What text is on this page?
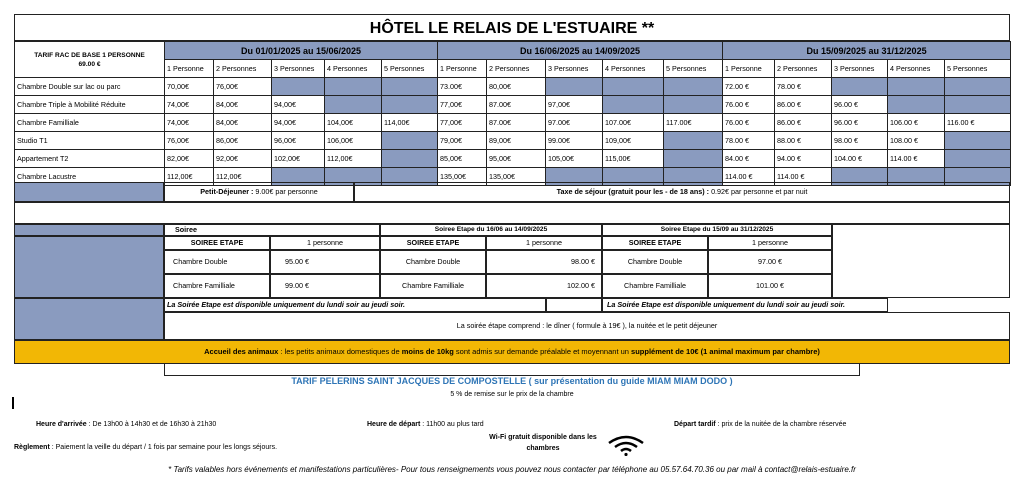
HÔTEL LE RELAIS DE L'ESTUAIRE **
TARIF RAC DE BASE 1 PERSONNE
69.00 €	Du 01/01/2025 au 15/06/2025					Du 16/06/2025 au 14/09/2025					Du 15/09/2025 au 31/12/2025				
	1 Personne	2 Personnes	3 Personnes	4 Personnes	5 Personnes	1 Personne	2 Personnes	3 Personnes	4 Personnes	5 Personnes	1 Personne	2 Personnes	3 Personnes	4 Personnes	5 Personnes
Chambre Double sur lac ou parc	70,00€	76,00€				73.00€	80,00€				72.00 €	78.00 €			
Chambre Triple à Mobilité Réduite	74,00€	84,00€	94,00€			77,00€	87.00€	97,00€			76.00 €	86.00 €	96.00 €		
Chambre Familliale	74,00€	84,00€	94,00€	104,00€	114,00€	77,00€	87.00€	97.00€	107.00€	117.00€	76.00 €	86.00 €	96.00 €	106.00 €	116.00 €
Studio T1	76,00€	86,00€	96,00€	106,00€		79,00€	89,00€	99.00€	109,00€		78.00 €	88.00 €	98.00 €	108.00 €	
Appartement T2	82,00€	92,00€	102,00€	112,00€		85,00€	95,00€	105,00€	115,00€		84.00 €	94.00 €	104.00 €	114.00 €	
Chambre Lacustre	112,00€	112,00€				135,00€	135,00€				114.00 €	114.00 €			
Petit-Déjeuner : 9.00€ par personne	Taxe de séjour (gratuit pour les - de 18 ans) : 0.92€ par personne et par nuit
Soiree	Soiree Etape du 16/06 au 14/09/2025	Soiree Etape du 15/09 au 31/12/2025
SOIREE ETAPE	1 personne	SOIREE ETAPE	1 personne	SOIREE ETAPE	1 personne
Chambre Double	95.00 €	Chambre Double	98.00 €	Chambre Double	97.00 €
Chambre Familliale	99.00 €	Chambre Familliale	102.00 €	Chambre Familliale	101.00 €
La Soirée Etape est disponible uniquement du lundi soir au jeudi soir.	La Soirée Etape est disponible uniquement du lundi soir au jeudi soir.
La soirée étape comprend : le dîner ( formule à 19€ ), la nuitée et le petit déjeuner
Accueil des animaux : les petits animaux domestiques de moins de 10kg sont admis sur demande préalable et moyennant un supplément de 10€ (1 animal maximum par chambre)
TARIF PELERINS SAINT JACQUES DE COMPOSTELLE ( sur présentation du guide MIAM MIAM DODO )
5 % de remise sur le prix de la chambre
Heure d'arrivée : De 13h00 à 14h30 et de 16h30 à 21h30	Heure de départ : 11h00 au plus tard	Départ tardif : prix de la nuitée de la chambre réservée
Wi-Fi gratuit disponible dans les chambres
Règlement : Paiement la veille du départ / 1 fois par semaine pour les longs séjours.
* Tarifs valables hors événements et manifestations particulières- Pour tous renseignements vous pouvez nous contacter par téléphone au 05.57.64.70.36 ou par mail à contact@relais-estuaire.fr
